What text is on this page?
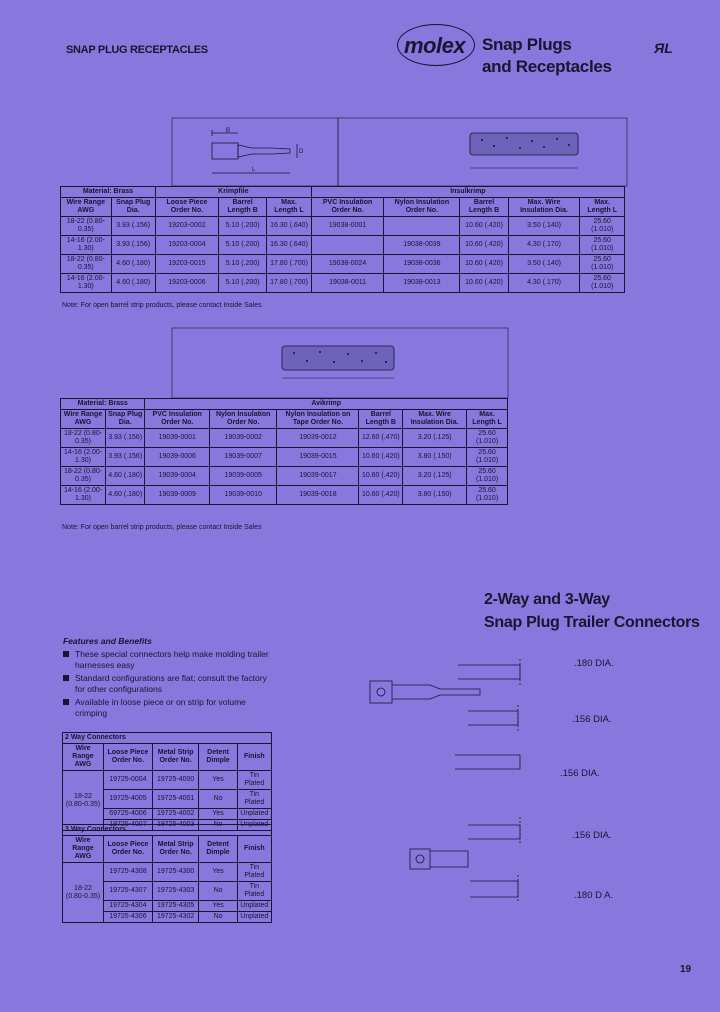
SNAP PLUG RECEPTACLES	molex Snap Plugs
and Receptacles
ЯL
B
D
L
Material: Brass		Krimpfile			Insulkrimp				
Wire Range AWG	Snap Plug Dia.	Loose Piece Order No.	Barrel Length B	Max. Length L	PVC Insulation Order No.	Nylon Insulation Order No.	Barrel Length B	Max. Wire Insulation Dia.	Max. Length L
18-22 (0.80-0.35)	3.93 (.156)	19203-0002	5.10 (.200)	16.30 (.640)	19038-0001		10.60 (.420)	3.50 (.140)	25.60 (1.010)
14-16 (2.00-1.30)	3.93 (.156)	19203-0004	5.10 (.200)	16.30 (.640)		19038-0039	10.60 (.420)	4.30 (.170)	25.60 (1.010)
18-22 (0.80-0.35)	4.60 (.180)	19203-0015	5.10 (.200)	17.80 (.700)	19038-0024	19038-0036	10.60 (.420)	3.50 (.140)	25.60 (1.010)
14-16 (2.00-1.30)	4.60 (.180)	19203-0006	5.10 (.200)	17.80 (.700)	19038-0011	19038-0013	10.60 (.420)	4.30 (.170)	25.60 (1.010)
Note: For open barrel strip products, please contact Inside Sales
Material: Brass		Avikrimp					
Wire Range AWG	Snap Plug Dia.	PVC Insulation Order No.	Nylon Insulation Order No.	Nylon Insulation on Tape Order No.	Barrel Length B	Max. Wire Insulation Dia.	Max. Length L
18-22 (0.80-0.35)	3.93 (.156)	19039-0001	19039-0002	19039-0012	12.60 (.470)	3.20 (.125)	25.60 (1.010)
14-16 (2.00-1.30)	3.93 (.156)	19039-0006	19039-0007	19039-0015	10.60 (.420)	3.80 (.150)	25.60 (1.010)
18-22 (0.80-0.35)	4.60 (.180)	19039-0004	19039-0005	19039-0017	10.60 (.420)	3.20 (.125)	25.60 (1.010)
14-16 (2.00-1.30)	4.60 (.180)	19039-0009	19039-0010	19039-0018	10.60 (.420)	3.80 (.150)	25.60 (1.010)
Note: For open barrel strip products, please contact Inside Sales
2-Way and 3-Way
Snap Plug Trailer Connectors
Features and Benefits
These special connectors help make molding trailer harnesses easy
Standard configurations are flat; consult the factory for other configurations
Available in loose piece or on strip for volume crimping
.180 DIA.
.156 DIA.
.156 DIA.
.156 DIA.
.180 D A.
2 Way Connectors				
Wire Range AWG	Loose Piece Order No.	Metal Strip Order No.	Detent Dimple	Finish
18-22 (0.80-0.35)	19725-0004	19725-4000	Yes	Tin Plated
	19725-4005	19725-4001	No	Tin Plated
	69725-4006	19725-4002	Yes	Unplated
	19725-4007	19725-4003	No	Unplated
3 Way Connectors				
Wire Range AWG	Loose Piece Order No.	Metal Strip Order No.	Detent Dimple	Finish
18-22 (0.80-0.35)	19725-4308	19725-4300	Yes	Tin Plated
	19725-4307	19725-4303	No	Tin Plated
	19725-4304	19725-4305	Yes	Unplated
	19725-4306	19725-4302	No	Unplated
19
